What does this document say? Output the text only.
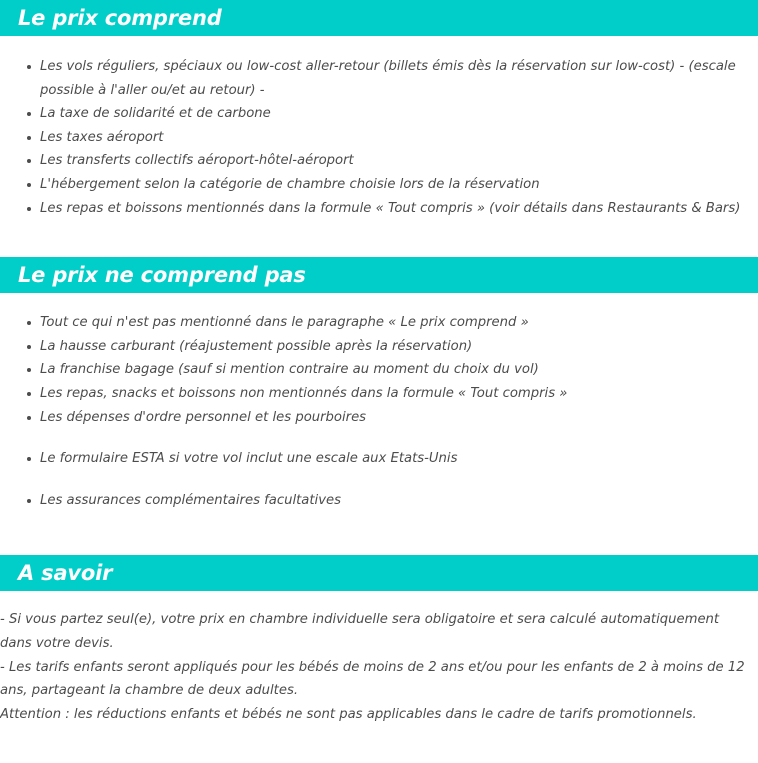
Le prix comprend
Les vols réguliers, spéciaux ou low-cost aller-retour (billets émis dès la réservation sur low-cost) - (escale possible à l'aller ou/et au retour) -
La taxe de solidarité et de carbone
Les taxes aéroport
Les transferts collectifs aéroport-hôtel-aéroport
L'hébergement selon la catégorie de chambre choisie lors de la réservation
Les repas et boissons mentionnés dans la formule « Tout compris » (voir détails dans Restaurants & Bars)
Le prix ne comprend pas
Tout ce qui n'est pas mentionné dans le paragraphe « Le prix comprend »
La hausse carburant (réajustement possible après la réservation)
La franchise bagage (sauf si mention contraire au moment du choix du vol)
Les repas, snacks et boissons non mentionnés dans la formule « Tout compris »
Les dépenses d'ordre personnel et les pourboires
Le formulaire ESTA si votre vol inclut une escale aux Etats-Unis
Les assurances complémentaires facultatives
A savoir

- Si vous partez seul(e), votre prix en chambre individuelle sera obligatoire et sera calculé automatiquement dans votre devis.

- Les tarifs enfants seront appliqués pour les bébés de moins de 2 ans et/ou pour les enfants de 2 à moins de 12 ans, partageant la chambre de deux adultes.

Attention : les réductions enfants et bébés ne sont pas applicables dans le cadre de tarifs promotionnels.
